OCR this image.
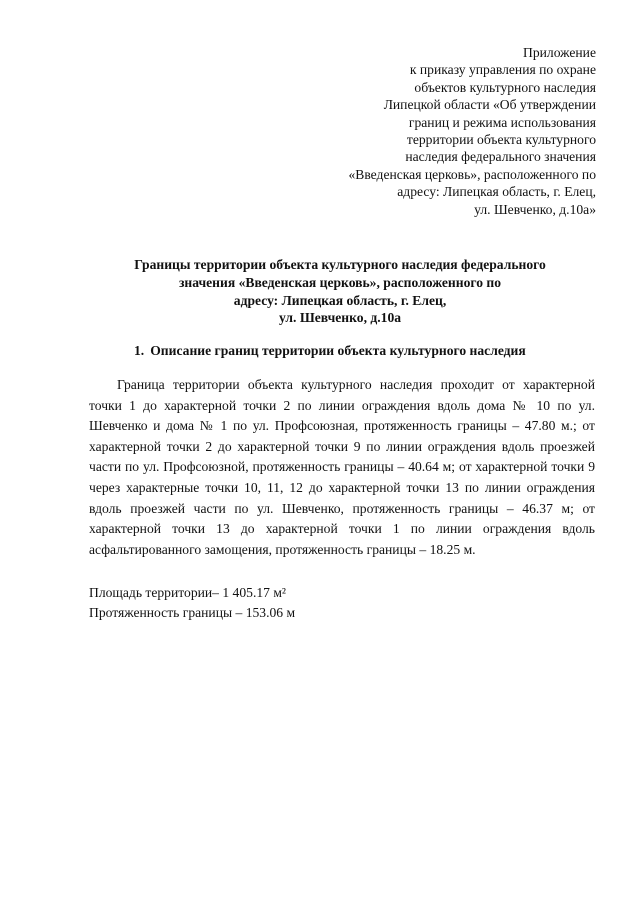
Приложение
к приказу управления по охране
объектов культурного наследия
Липецкой области «Об утверждении
границ и режима использования
территории объекта культурного
наследия федерального значения
«Введенская церковь», расположенного по
адресу: Липецкая область, г. Елец,
ул. Шевченко, д.10а»
Границы территории объекта культурного наследия федерального
значения «Введенская церковь», расположенного по
адресу: Липецкая область, г. Елец,
ул. Шевченко, д.10а
1. Описание границ территории объекта культурного наследия

Граница территории объекта культурного наследия проходит от характерной точки 1 до характерной точки 2 по линии ограждения вдоль дома № 10 по ул. Шевченко и дома № 1 по ул. Профсоюзная, протяженность границы – 47.80 м.; от характерной точки 2 до характерной точки 9 по линии ограждения вдоль проезжей части по ул. Профсоюзной, протяженность границы – 40.64 м; от характерной точки 9 через характерные точки 10, 11, 12 до характерной точки 13 по линии ограждения вдоль проезжей части по ул. Шевченко, протяженность границы – 46.37 м; от характерной точки 13 до характерной точки 1 по линии ограждения вдоль асфальтированного замощения, протяженность границы – 18.25 м.

Площадь территории– 1 405.17 м²
Протяженность границы – 153.06 м
